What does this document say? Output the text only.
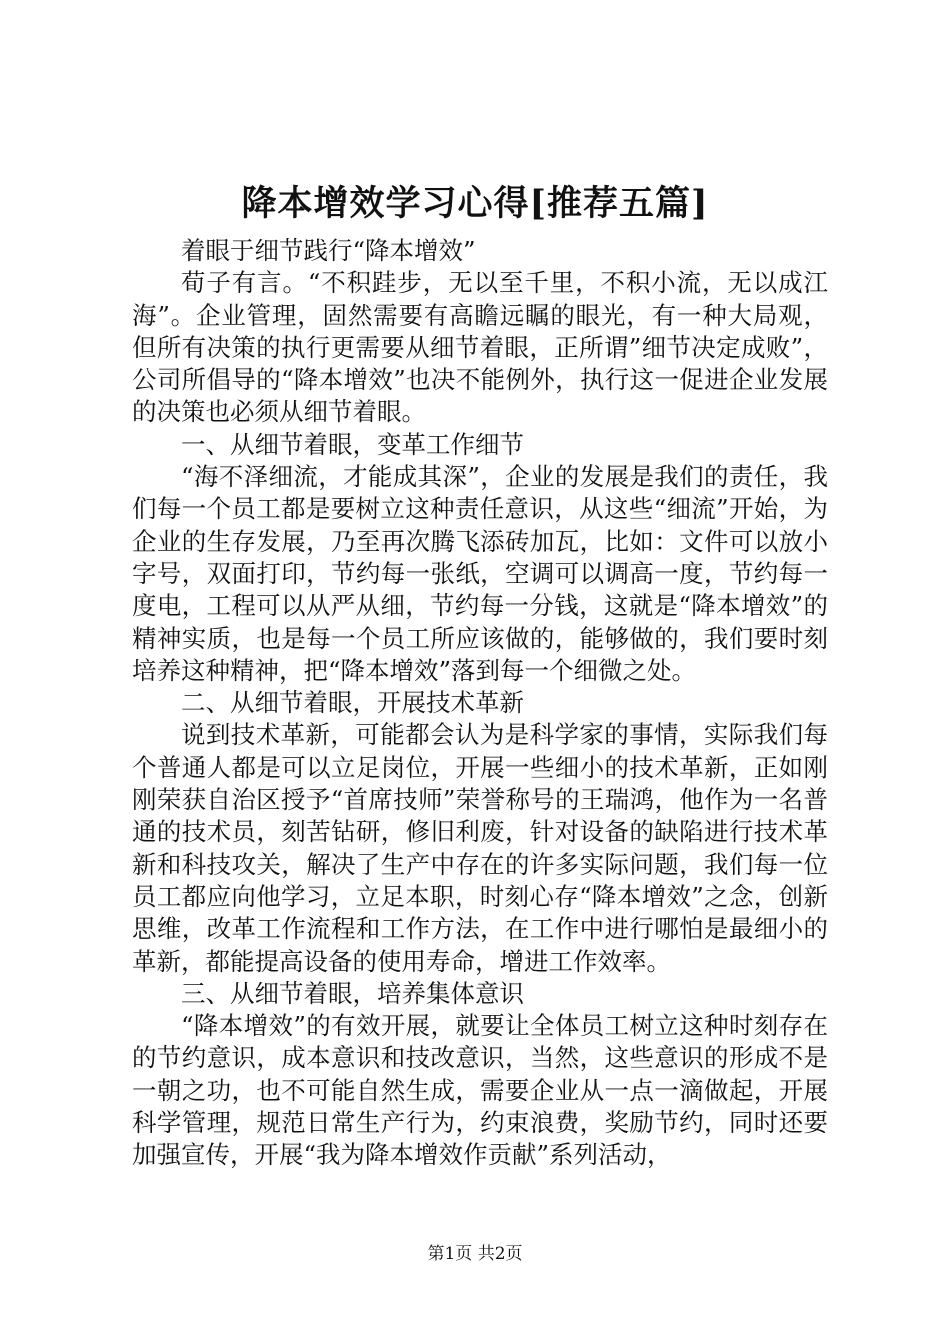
降本增效学习心得[推荐五篇]

着眼于细节践行“降本增效”

荀子有言。“不积跬步，无以至千里，不积小流，无以成江海”。企业管理，固然需要有高瞻远瞩的眼光，有一种大局观，但所有决策的执行更需要从细节着眼，正所谓”细节决定成败”，公司所倡导的“降本增效”也决不能例外，执行这一促进企业发展的决策也必须从细节着眼。

一、从细节着眼，变革工作细节

“海不泽细流，才能成其深”，企业的发展是我们的责任，我们每一个员工都是要树立这种责任意识，从这些“细流”开始，为企业的生存发展，乃至再次腾飞添砖加瓦，比如：文件可以放小字号，双面打印，节约每一张纸，空调可以调高一度，节约每一度电，工程可以从严从细，节约每一分钱，这就是“降本增效”的精神实质，也是每一个员工所应该做的，能够做的，我们要时刻培养这种精神，把“降本增效”落到每一个细微之处。

二、从细节着眼，开展技术革新

说到技术革新，可能都会认为是科学家的事情，实际我们每个普通人都是可以立足岗位，开展一些细小的技术革新，正如刚刚荣获自治区授予“首席技师”荣誉称号的王瑞鸿，他作为一名普通的技术员，刻苦钻研，修旧利废，针对设备的缺陷进行技术革新和科技攻关，解决了生产中存在的许多实际问题，我们每一位员工都应向他学习，立足本职，时刻心存“降本增效”之念，创新思维，改革工作流程和工作方法，在工作中进行哪怕是最细小的革新，都能提高设备的使用寿命，增进工作效率。

三、从细节着眼，培养集体意识

“降本增效”的有效开展，就要让全体员工树立这种时刻存在的节约意识，成本意识和技改意识，当然，这些意识的形成不是一朝之功，也不可能自然生成，需要企业从一点一滴做起，开展科学管理，规范日常生产行为，约束浪费，奖励节约，同时还要加强宣传，开展“我为降本增效作贡献”系列活动，

第1页 共2页
